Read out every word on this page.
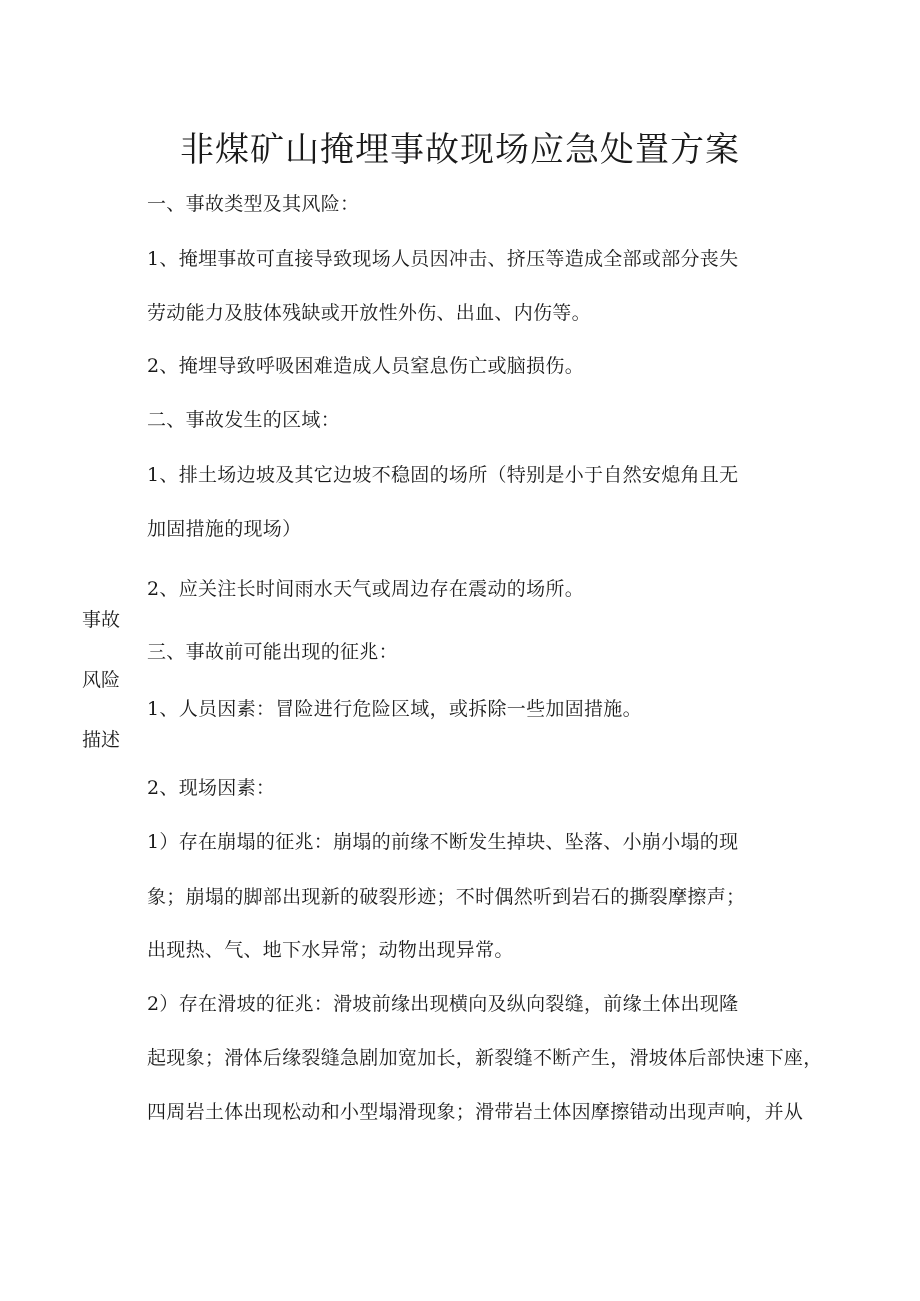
非煤矿山掩埋事故现场应急处置方案
一、事故类型及其风险：
1、掩埋事故可直接导致现场人员因冲击、挤压等造成全部或部分丧失
劳动能力及肢体残缺或开放性外伤、出血、内伤等。
2、掩埋导致呼吸困难造成人员窒息伤亡或脑损伤。
二、事故发生的区域：
1、排土场边坡及其它边坡不稳固的场所（特别是小于自然安熄角且无
加固措施的现场）
2、应关注长时间雨水天气或周边存在震动的场所。
三、事故前可能出现的征兆：
1、人员因素：冒险进行危险区域，或拆除一些加固措施。
2、现场因素：
1）存在崩塌的征兆：崩塌的前缘不断发生掉块、坠落、小崩小塌的现
象；崩塌的脚部出现新的破裂形迹；不时偶然听到岩石的撕裂摩擦声；
出现热、气、地下水异常；动物出现异常。
2）存在滑坡的征兆：滑坡前缘出现横向及纵向裂缝，前缘土体出现隆
起现象；滑体后缘裂缝急剧加宽加长，新裂缝不断产生，滑坡体后部快速下座，
四周岩土体出现松动和小型塌滑现象；滑带岩土体因摩擦错动出现声响，并从
事故
风险
描述
